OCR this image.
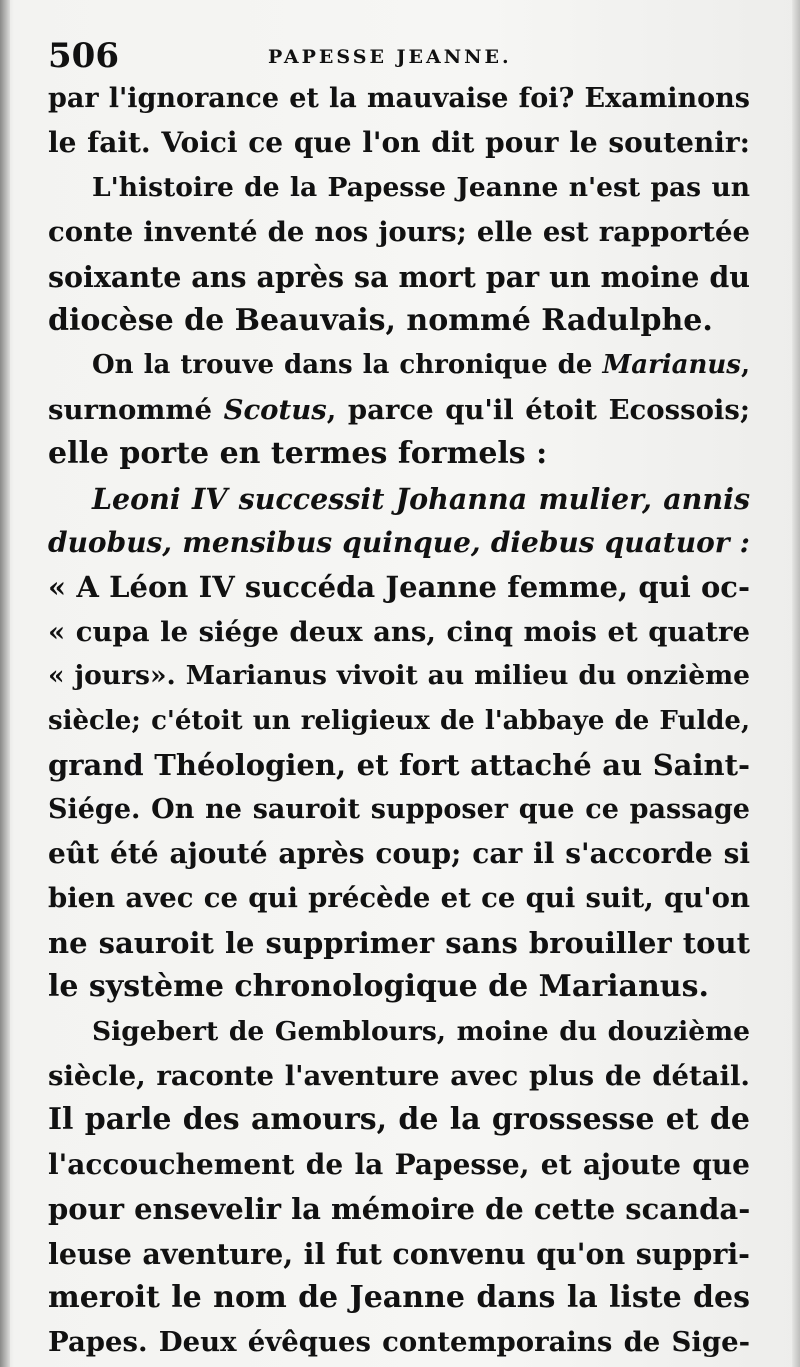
506	PAPESSE JEANNE.
par l'ignorance et la mauvaise foi? Examinons
le fait. Voici ce que l'on dit pour le soutenir:
L'histoire de la Papesse Jeanne n'est pas un
conte inventé de nos jours; elle est rapportée
soixante ans après sa mort par un moine du
diocèse de Beauvais, nommé Radulphe.
On la trouve dans la chronique de Marianus,
surnommé Scotus, parce qu'il étoit Ecossois;
elle porte en termes formels :
Leoni IV successit Johanna mulier, annis
duobus, mensibus quinque, diebus quatuor :
« A Léon IV succéda Jeanne femme, qui oc-
« cupa le siége deux ans, cinq mois et quatre
« jours». Marianus vivoit au milieu du onzième
siècle; c'étoit un religieux de l'abbaye de Fulde,
grand Théologien, et fort attaché au Saint-
Siége. On ne sauroit supposer que ce passage
eût été ajouté après coup; car il s'accorde si
bien avec ce qui précède et ce qui suit, qu'on
ne sauroit le supprimer sans brouiller tout
le système chronologique de Marianus.
Sigebert de Gemblours, moine du douzième
siècle, raconte l'aventure avec plus de détail.
Il parle des amours, de la grossesse et de
l'accouchement de la Papesse, et ajoute que
pour ensevelir la mémoire de cette scanda-
leuse aventure, il fut convenu qu'on suppri-
meroit le nom de Jeanne dans la liste des
Papes. Deux évêques contemporains de Sige-
